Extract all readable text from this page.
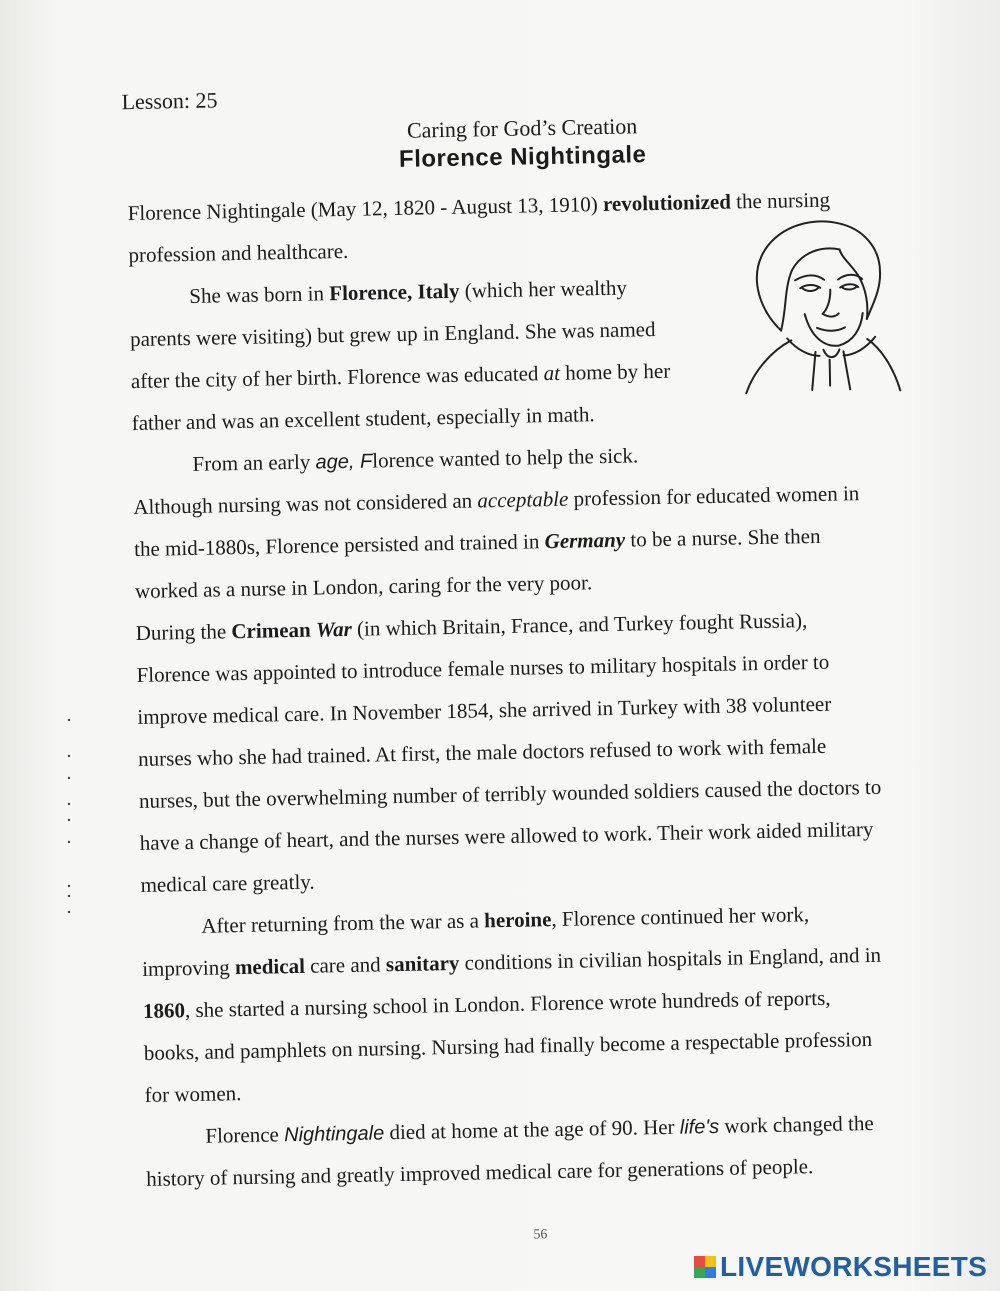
Lesson: 25
Caring for God’s Creation
Florence Nightingale
Florence Nightingale (May 12, 1820 - August 13, 1910) revolutionized the nursing
profession and healthcare.
She was born in Florence, Italy (which her wealthy
parents were visiting) but grew up in England. She was named
after the city of her birth. Florence was educated at home by her
father and was an excellent student, especially in math.
From an early age, Florence wanted to help the sick.
Although nursing was not considered an acceptable profession for educated women in
the mid-1880s, Florence persisted and trained in Germany to be a nurse. She then
worked as a nurse in London, caring for the very poor.
During the Crimean War (in which Britain, France, and Turkey fought Russia),
Florence was appointed to introduce female nurses to military hospitals in order to
improve medical care. In November 1854, she arrived in Turkey with 38 volunteer
nurses who she had trained. At first, the male doctors refused to work with female
nurses, but the overwhelming number of terribly wounded soldiers caused the doctors to
have a change of heart, and the nurses were allowed to work. Their work aided military
medical care greatly.
After returning from the war as a heroine, Florence continued her work,
improving medical care and sanitary conditions in civilian hospitals in England, and in
1860, she started a nursing school in London. Florence wrote hundreds of reports,
books, and pamphlets on nursing. Nursing had finally become a respectable profession
for women.
Florence Nightingale died at home at the age of 90. Her life's work changed the
history of nursing and greatly improved medical care for generations of people.
56
LIVEWORKSHEETS
